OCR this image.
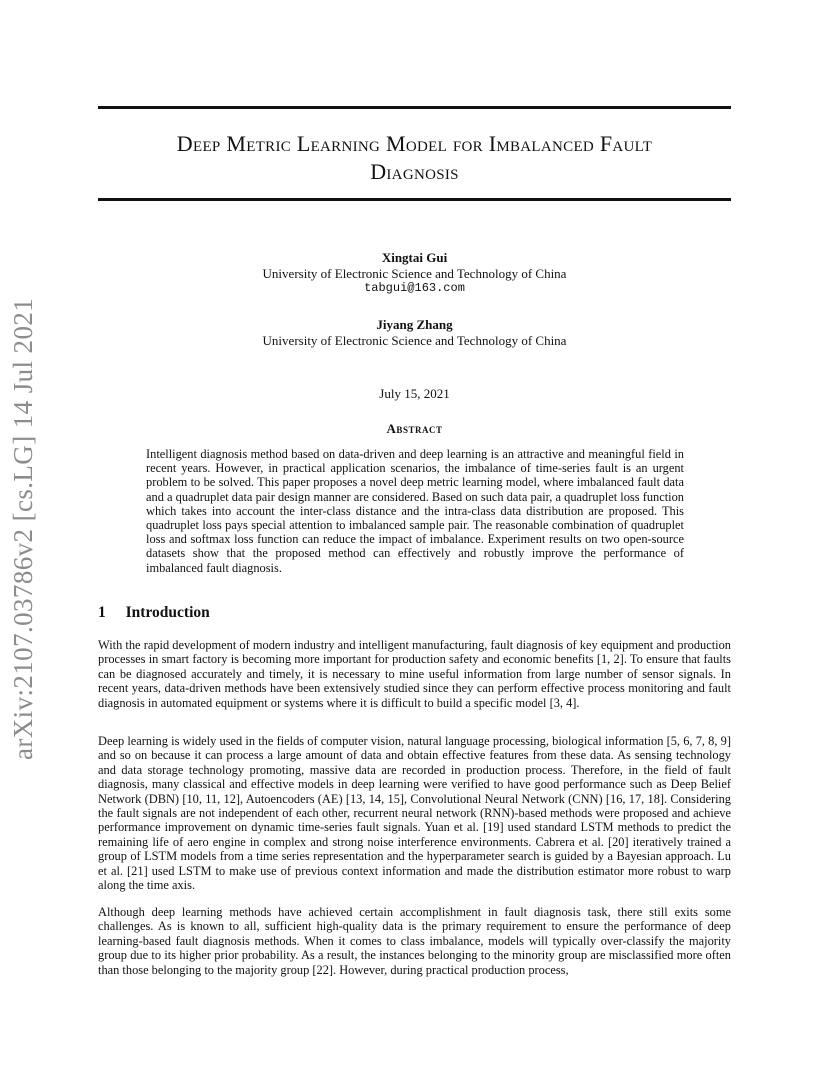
Deep Metric Learning Model for Imbalanced Fault
Diagnosis
arXiv:2107.03786v2 [cs.LG] 14 Jul 2021
Xingtai Gui
University of Electronic Science and Technology of China
tabgui@163.com
Jiyang Zhang
University of Electronic Science and Technology of China
July 15, 2021
Abstract
Intelligent diagnosis method based on data-driven and deep learning is an attractive and meaningful field in recent years. However, in practical application scenarios, the imbalance of time-series fault is an urgent problem to be solved. This paper proposes a novel deep metric learning model, where imbalanced fault data and a quadruplet data pair design manner are considered. Based on such data pair, a quadruplet loss function which takes into account the inter-class distance and the intra-class data distribution are proposed. This quadruplet loss pays special attention to imbalanced sample pair. The reasonable combination of quadruplet loss and softmax loss function can reduce the impact of imbalance. Experiment results on two open-source datasets show that the proposed method can effectively and robustly improve the performance of imbalanced fault diagnosis.
1 Introduction
With the rapid development of modern industry and intelligent manufacturing, fault diagnosis of key equipment and production processes in smart factory is becoming more important for production safety and economic benefits [1, 2]. To ensure that faults can be diagnosed accurately and timely, it is necessary to mine useful information from large number of sensor signals. In recent years, data-driven methods have been extensively studied since they can perform effective process monitoring and fault diagnosis in automated equipment or systems where it is difficult to build a specific model [3, 4].
Deep learning is widely used in the fields of computer vision, natural language processing, biological information [5, 6, 7, 8, 9] and so on because it can process a large amount of data and obtain effective features from these data. As sensing technology and data storage technology promoting, massive data are recorded in production process. Therefore, in the field of fault diagnosis, many classical and effective models in deep learning were verified to have good performance such as Deep Belief Network (DBN) [10, 11, 12], Autoencoders (AE) [13, 14, 15], Convolutional Neural Network (CNN) [16, 17, 18]. Considering the fault signals are not independent of each other, recurrent neural network (RNN)-based methods were proposed and achieve performance improvement on dynamic time-series fault signals. Yuan et al. [19] used standard LSTM methods to predict the remaining life of aero engine in complex and strong noise interference environments. Cabrera et al. [20] iteratively trained a group of LSTM models from a time series representation and the hyperparameter search is guided by a Bayesian approach. Lu et al. [21] used LSTM to make use of previous context information and made the distribution estimator more robust to warp along the time axis.
Although deep learning methods have achieved certain accomplishment in fault diagnosis task, there still exits some challenges. As is known to all, sufficient high-quality data is the primary requirement to ensure the performance of deep learning-based fault diagnosis methods. When it comes to class imbalance, models will typically over-classify the majority group due to its higher prior probability. As a result, the instances belonging to the minority group are misclassified more often than those belonging to the majority group [22]. However, during practical production process,
